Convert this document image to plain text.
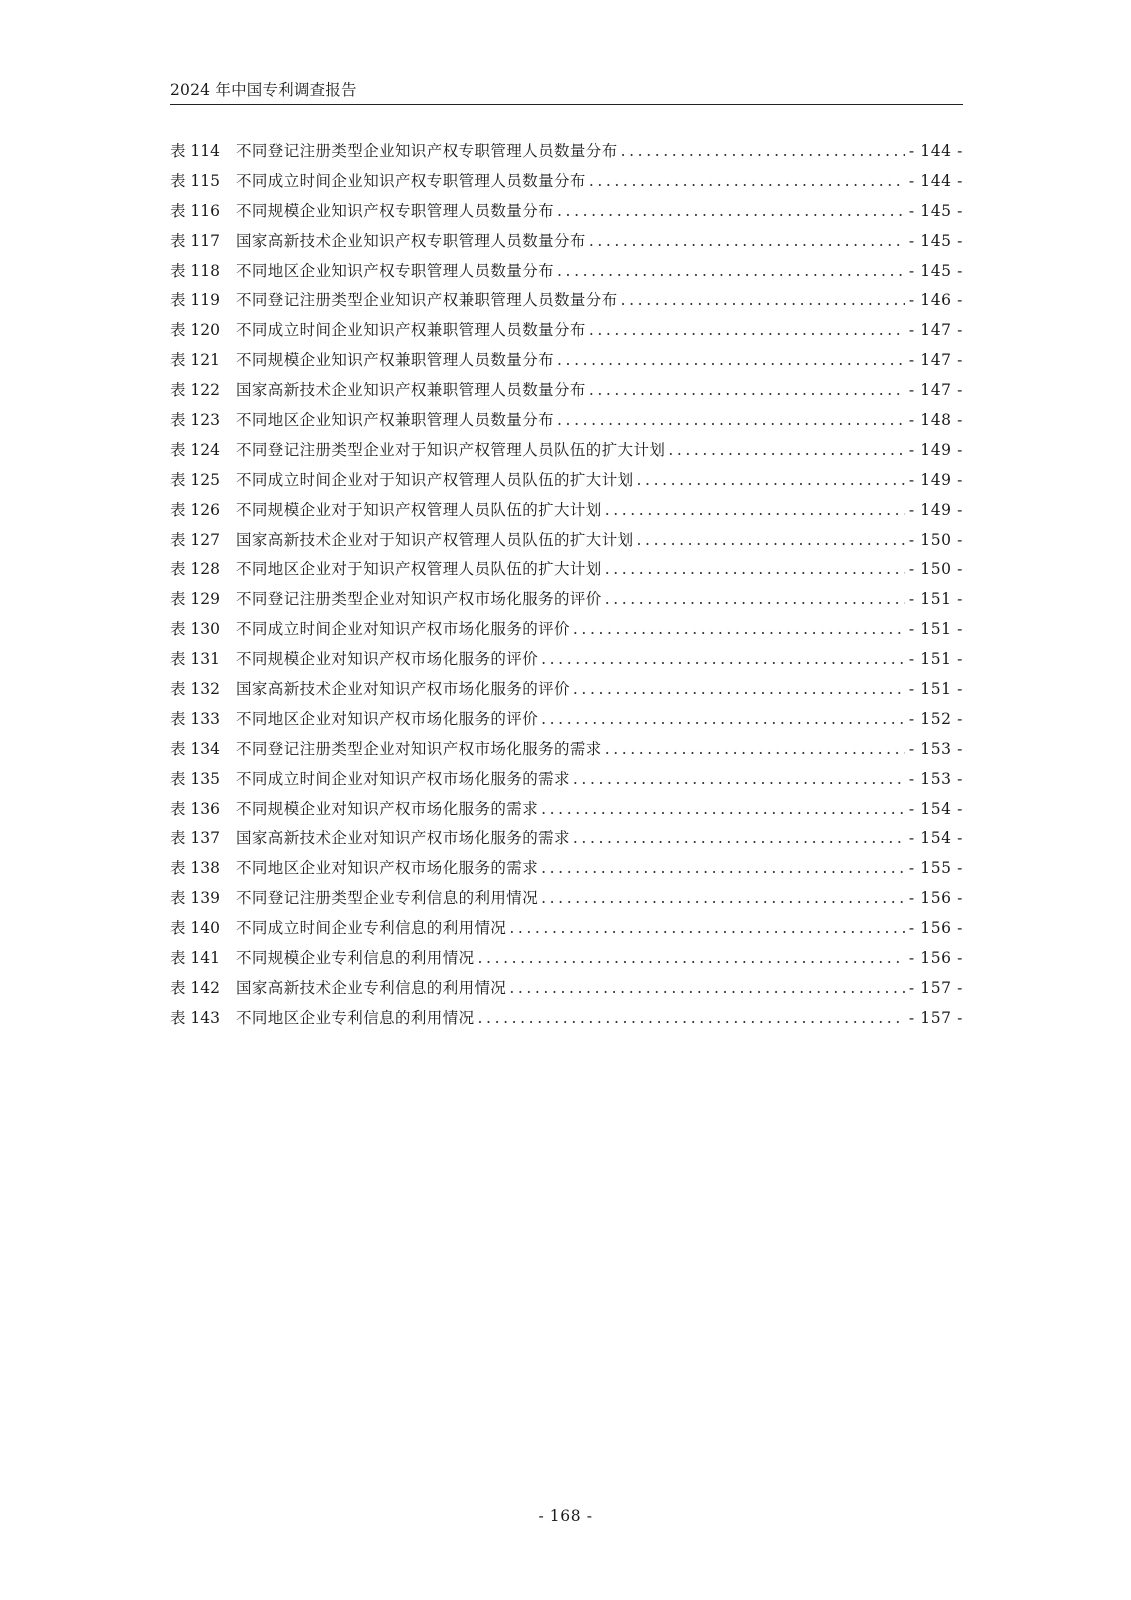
2024 年中国专利调查报告
表 114	不同登记注册类型企业知识产权专职管理人员数量分布 .....	- 144 -
表 115	不同成立时间企业知识产权专职管理人员数量分布 .....	- 144 -
表 116	不同规模企业知识产权专职管理人员数量分布 .....	- 145 -
表 117	国家高新技术企业知识产权专职管理人员数量分布 .....	- 145 -
表 118	不同地区企业知识产权专职管理人员数量分布 .....	- 145 -
表 119	不同登记注册类型企业知识产权兼职管理人员数量分布 .....	- 146 -
表 120	不同成立时间企业知识产权兼职管理人员数量分布 .....	- 147 -
表 121	不同规模企业知识产权兼职管理人员数量分布 .....	- 147 -
表 122	国家高新技术企业知识产权兼职管理人员数量分布 .....	- 147 -
表 123	不同地区企业知识产权兼职管理人员数量分布 .....	- 148 -
表 124	不同登记注册类型企业对于知识产权管理人员队伍的扩大计划 .....	- 149 -
表 125	不同成立时间企业对于知识产权管理人员队伍的扩大计划 .....	- 149 -
表 126	不同规模企业对于知识产权管理人员队伍的扩大计划 .....	- 149 -
表 127	国家高新技术企业对于知识产权管理人员队伍的扩大计划 .....	- 150 -
表 128	不同地区企业对于知识产权管理人员队伍的扩大计划 .....	- 150 -
表 129	不同登记注册类型企业对知识产权市场化服务的评价 .....	- 151 -
表 130	不同成立时间企业对知识产权市场化服务的评价 .....	- 151 -
表 131	不同规模企业对知识产权市场化服务的评价 .....	- 151 -
表 132	国家高新技术企业对知识产权市场化服务的评价 .....	- 151 -
表 133	不同地区企业对知识产权市场化服务的评价 .....	- 152 -
表 134	不同登记注册类型企业对知识产权市场化服务的需求 .....	- 153 -
表 135	不同成立时间企业对知识产权市场化服务的需求 .....	- 153 -
表 136	不同规模企业对知识产权市场化服务的需求 .....	- 154 -
表 137	国家高新技术企业对知识产权市场化服务的需求 .....	- 154 -
表 138	不同地区企业对知识产权市场化服务的需求 .....	- 155 -
表 139	不同登记注册类型企业专利信息的利用情况 .....	- 156 -
表 140	不同成立时间企业专利信息的利用情况 .....	- 156 -
表 141	不同规模企业专利信息的利用情况 .....	- 156 -
表 142	国家高新技术企业专利信息的利用情况 .....	- 157 -
表 143	不同地区企业专利信息的利用情况 .....	- 157 -
- 168 -
